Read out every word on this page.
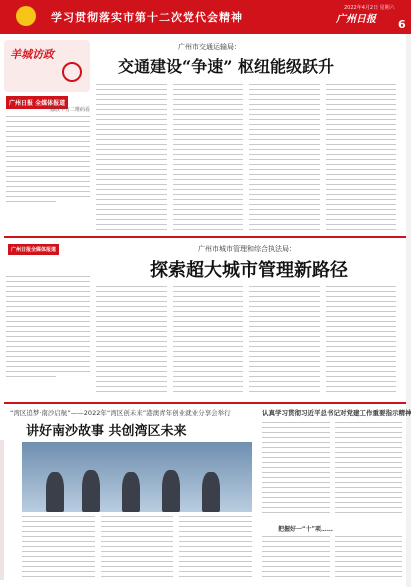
学习贯彻落实市第十二次党代会精神
2022年4月2日 星期六
广州日报 6
羊城访政
广州日报 全媒体报道
播放下方二维码看
广州市交通运输局：
交通建设“争速” 枢纽能级跃升
广州日报全媒体报道	广州市城市管理和综合执法局：
探索超大城市管理新路径
“湾区追梦·南沙启航”——2022年“湾区创未来”港澳青年创业就业分享会举行
讲好南沙故事 共创湾区未来
认真学习贯彻习近平总书记对党建工作重要指示精神
把握好一“十”项……
